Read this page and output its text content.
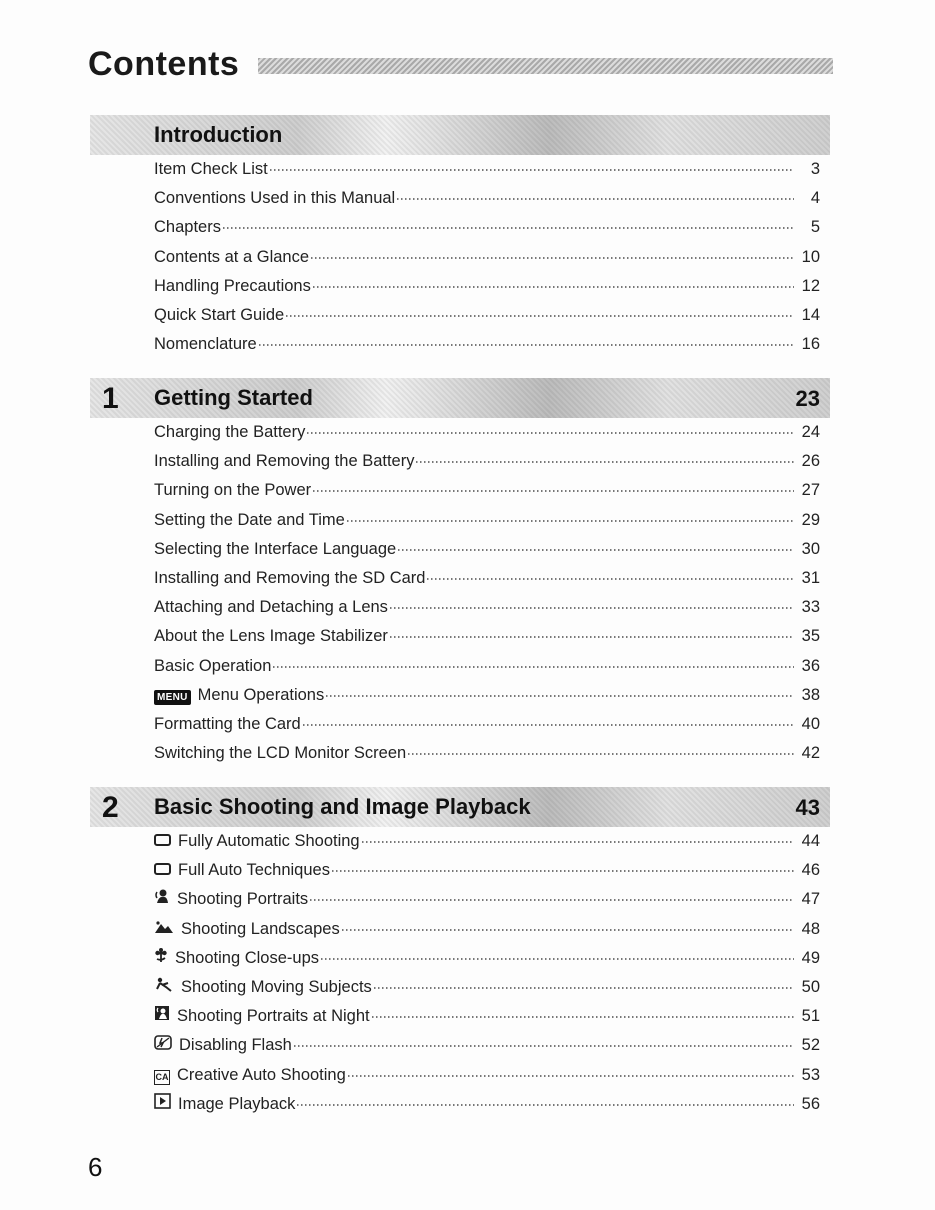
Contents
Introduction
Item Check List	3
Conventions Used in this Manual	4
Chapters	5
Contents at a Glance	10
Handling Precautions	12
Quick Start Guide	14
Nomenclature	16
1 Getting Started	23
Charging the Battery	24
Installing and Removing the Battery	26
Turning on the Power	27
Setting the Date and Time	29
Selecting the Interface Language	30
Installing and Removing the SD Card	31
Attaching and Detaching a Lens	33
About the Lens Image Stabilizer	35
Basic Operation	36
MENU Menu Operations	38
Formatting the Card	40
Switching the LCD Monitor Screen	42
2 Basic Shooting and Image Playback	43
Fully Automatic Shooting	44
Full Auto Techniques	46
Shooting Portraits	47
Shooting Landscapes	48
Shooting Close-ups	49
Shooting Moving Subjects	50
Shooting Portraits at Night	51
Disabling Flash	52
CA Creative Auto Shooting	53
Image Playback	56
6
